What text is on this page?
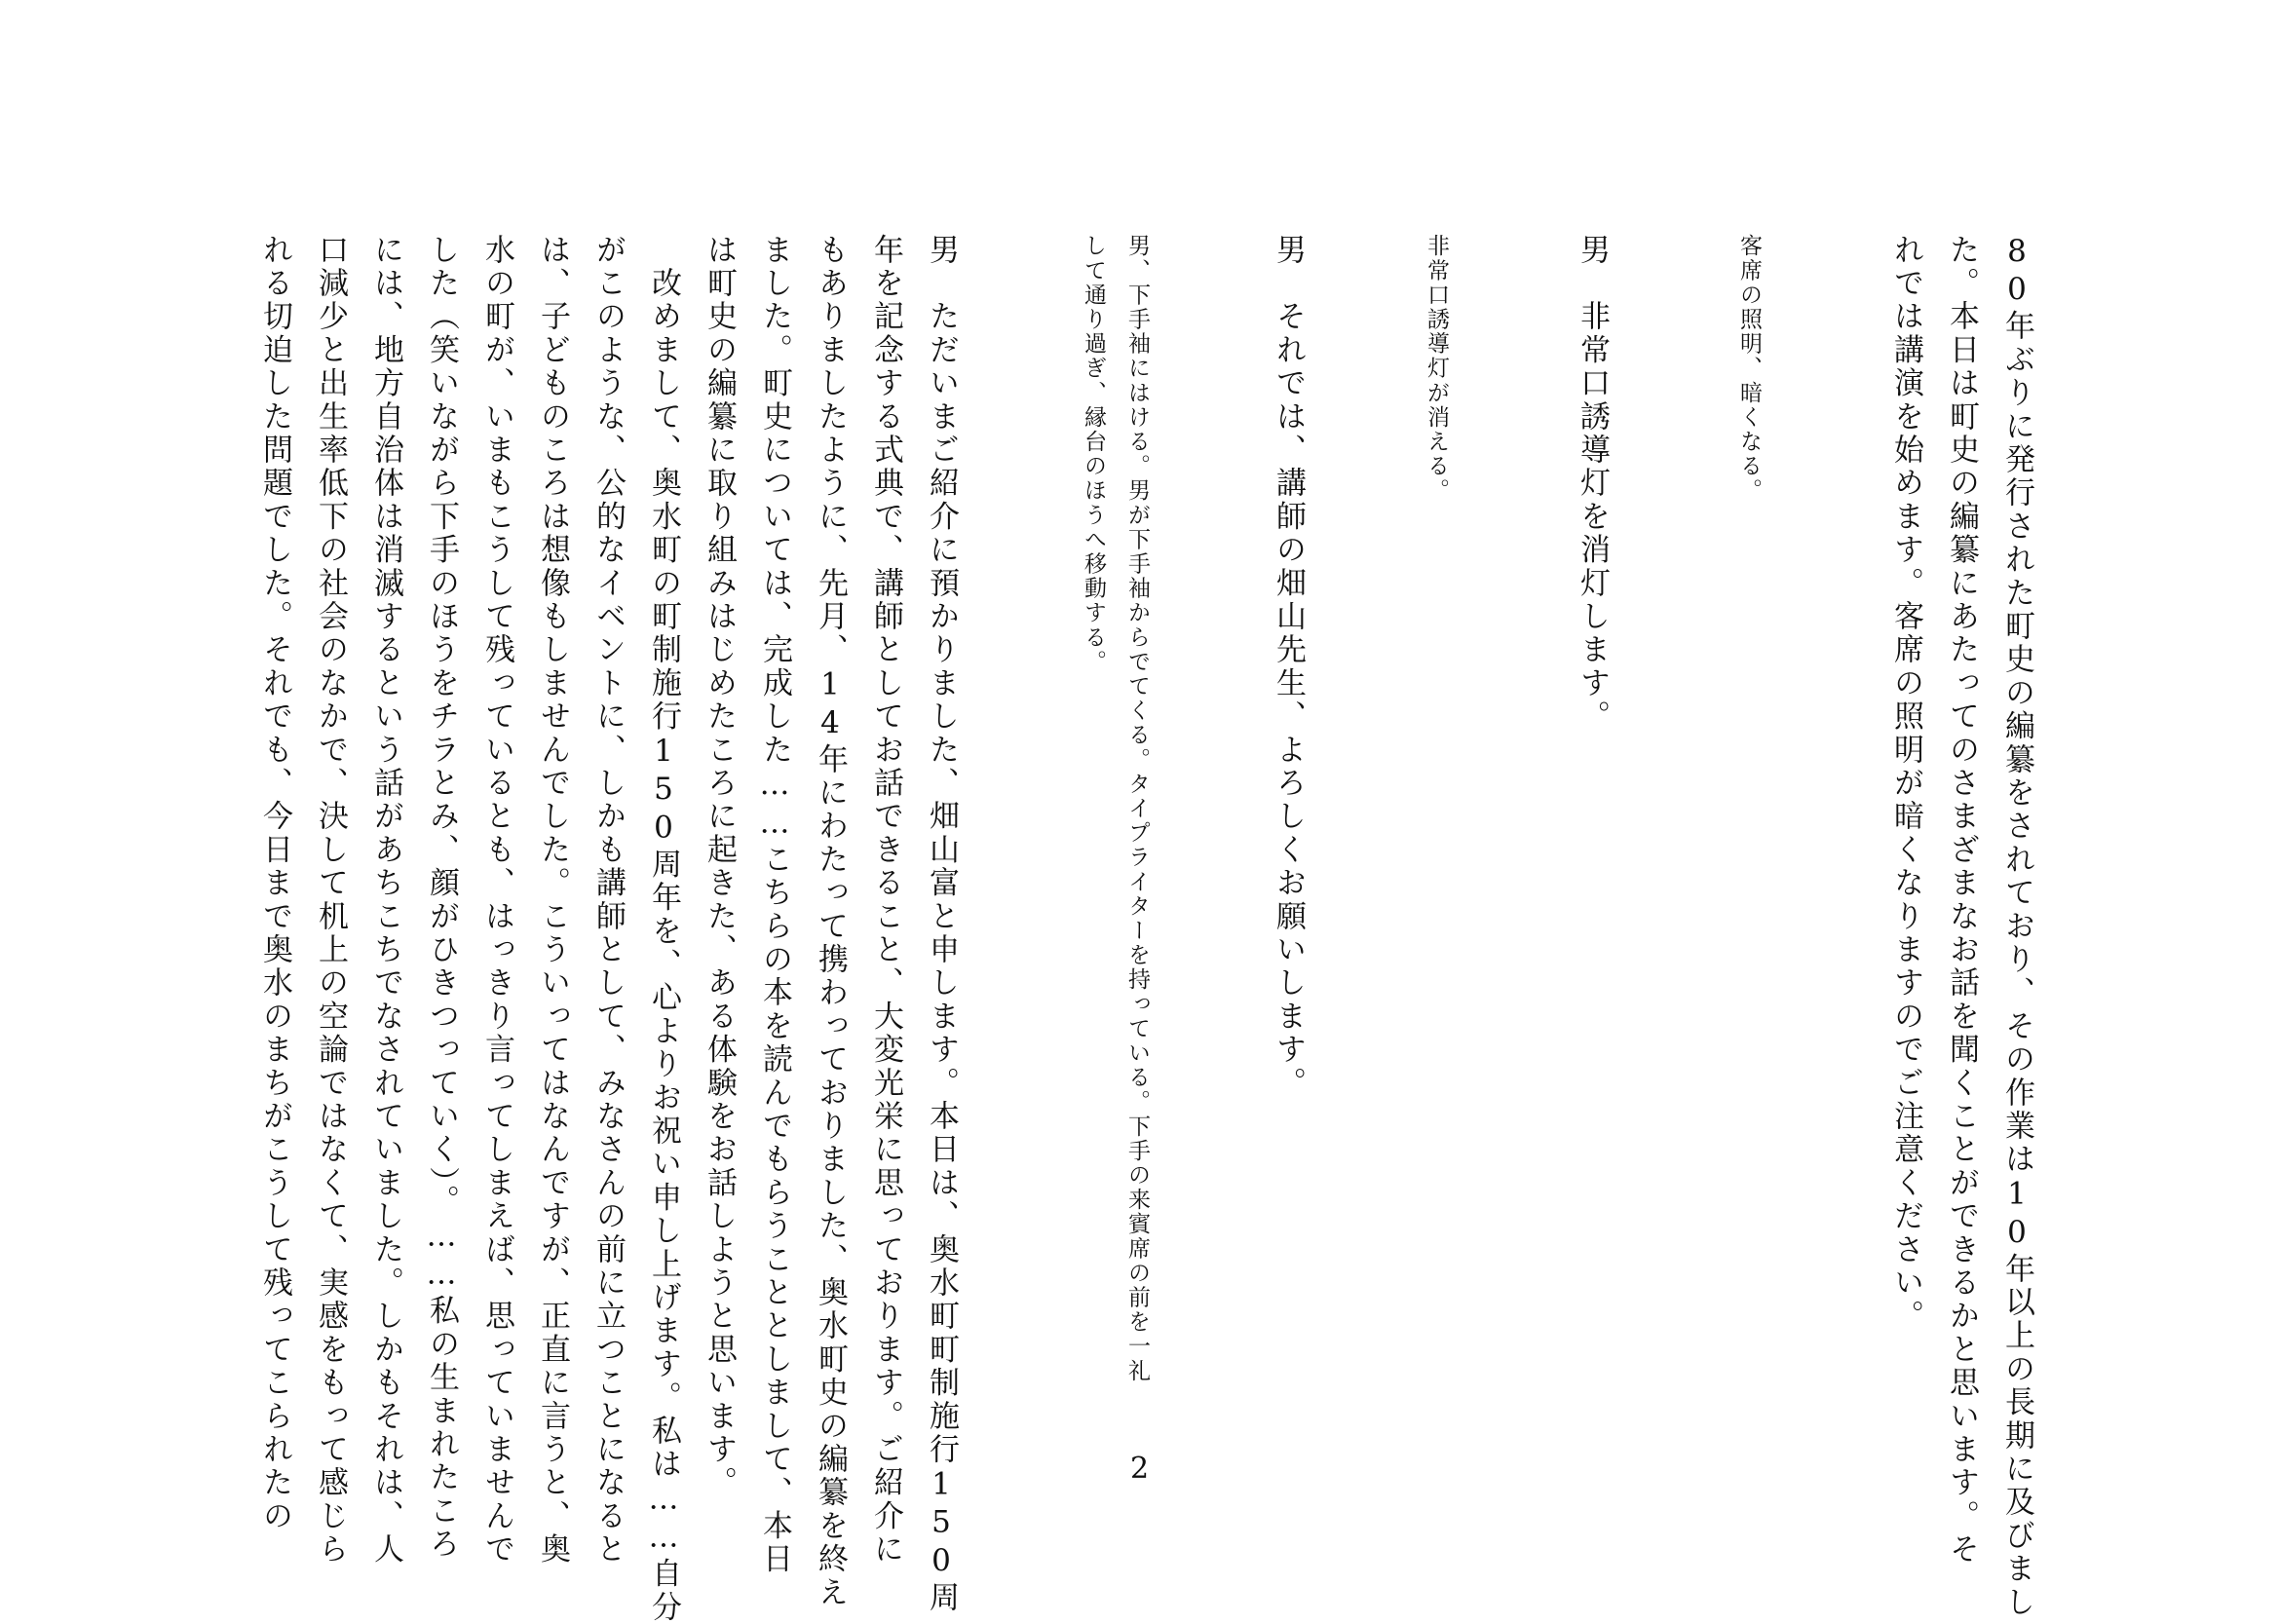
80年ぶりに発行された町史の編纂をされており、その作業は10年以上の長期に及びまし
た。本日は町史の編纂にあたってのさまざまなお話を聞くことができるかと思います。そ
れでは講演を始めます。客席の照明が暗くなりますのでご注意ください。
客席の照明、暗くなる。
男　非常口誘導灯を消灯します。
非常口誘導灯が消える。
男　それでは、講師の畑山先生、よろしくお願いします。
男、下手袖にはける。男が下手袖からでてくる。タイプライターを持っている。下手の来賓席の前を一礼
して通り過ぎ、縁台のほうへ移動する。
男　ただいまご紹介に預かりました、畑山富と申します。本日は、奥水町町制施行150周
年を記念する式典で、講師としてお話できること、大変光栄に思っております。ご紹介に
もありましたように、先月、14年にわたって携わっておりました、奥水町史の編纂を終え
ました。町史については、完成した……こちらの本を読んでもらうこととしまして、本日
は町史の編纂に取り組みはじめたころに起きた、ある体験をお話しようと思います。
　改めまして、奥水町の町制施行150周年を、心よりお祝い申し上げます。私は……自分
がこのような、公的なイベントに、しかも講師として、みなさんの前に立つことになると
は、子どものころは想像もしませんでした。こういってはなんですが、正直に言うと、奥
水の町が、いまもこうして残っているとも、はっきり言ってしまえば、思っていませんで
した（笑いながら下手のほうをチラとみ、顔がひきつっていく）。……私の生まれたころ
には、地方自治体は消滅するという話があちこちでなされていました。しかもそれは、人
口減少と出生率低下の社会のなかで、決して机上の空論ではなくて、実感をもって感じら
れる切迫した問題でした。それでも、今日まで奥水のまちがこうして残ってこられたの	2
